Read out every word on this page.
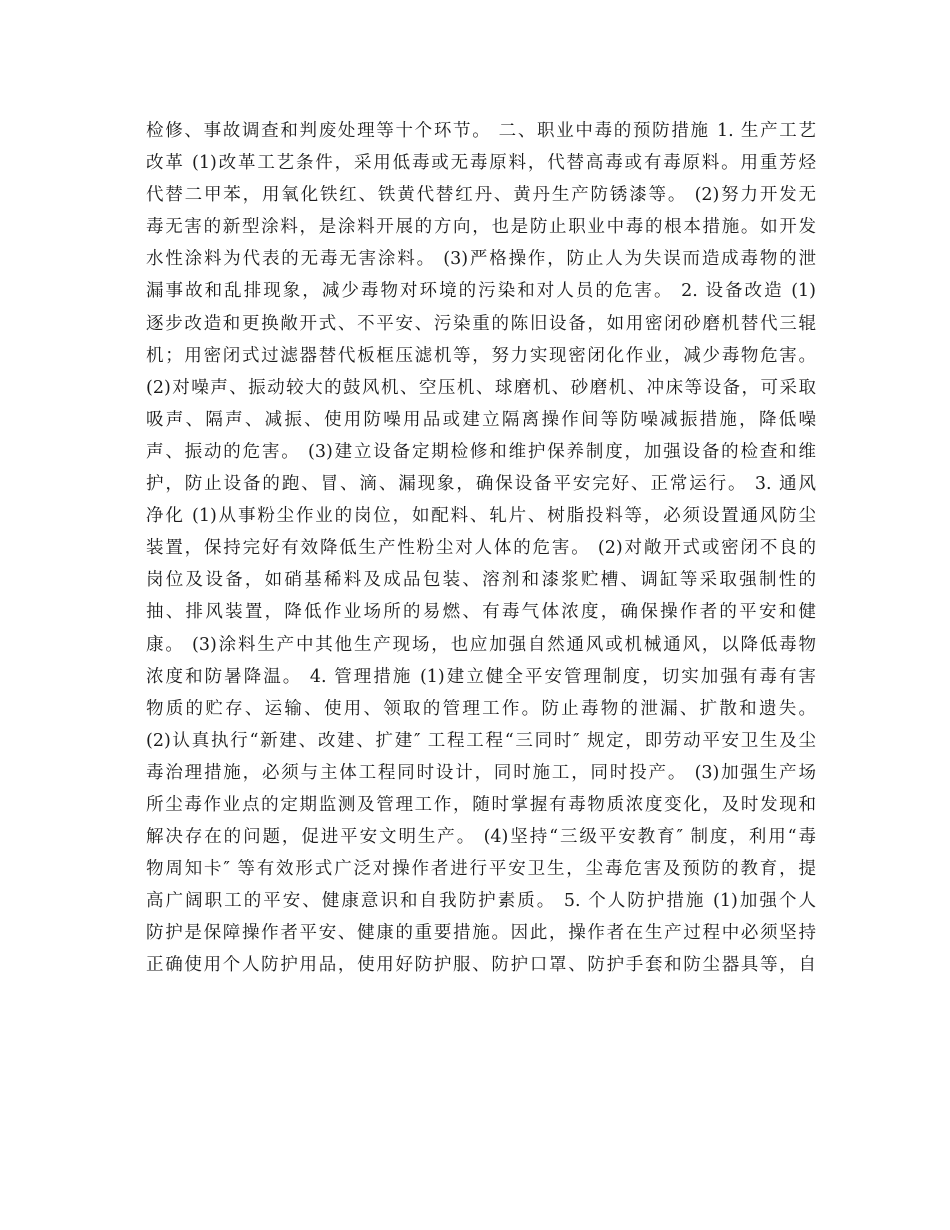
检修、事故调查和判废处理等十个环节。 二、职业中毒的预防措施 1. 生产工艺
改革 (1)改革工艺条件，采用低毒或无毒原料，代替高毒或有毒原料。用重芳烃
代替二甲苯，用氧化铁红、铁黄代替红丹、黄丹生产防锈漆等。 (2)努力开发无
毒无害的新型涂料，是涂料开展的方向，也是防止职业中毒的根本措施。如开发
水性涂料为代表的无毒无害涂料。 (3)严格操作，防止人为失误而造成毒物的泄
漏事故和乱排现象，减少毒物对环境的污染和对人员的危害。 2. 设备改造 (1)
逐步改造和更换敞开式、不平安、污染重的陈旧设备，如用密闭砂磨机替代三辊
机；用密闭式过滤器替代板框压滤机等，努力实现密闭化作业，减少毒物危害。
(2)对噪声、振动较大的鼓风机、空压机、球磨机、砂磨机、冲床等设备，可采取
吸声、隔声、减振、使用防噪用品或建立隔离操作间等防噪减振措施，降低噪
声、振动的危害。 (3)建立设备定期检修和维护保养制度，加强设备的检查和维
护，防止设备的跑、冒、滴、漏现象，确保设备平安完好、正常运行。 3. 通风
净化 (1)从事粉尘作业的岗位，如配料、轧片、树脂投料等，必须设置通风防尘
装置，保持完好有效降低生产性粉尘对人体的危害。 (2)对敞开式或密闭不良的
岗位及设备，如硝基稀料及成品包装、溶剂和漆浆贮槽、调缸等采取强制性的
抽、排风装置，降低作业场所的易燃、有毒气体浓度，确保操作者的平安和健
康。 (3)涂料生产中其他生产现场，也应加强自然通风或机械通风，以降低毒物
浓度和防暑降温。 4. 管理措施 (1)建立健全平安管理制度，切实加强有毒有害
物质的贮存、运输、使用、领取的管理工作。防止毒物的泄漏、扩散和遗失。
(2)认真执行“新建、改建、扩建″ 工程工程“三同时″ 规定，即劳动平安卫生及尘
毒治理措施，必须与主体工程同时设计，同时施工，同时投产。 (3)加强生产场
所尘毒作业点的定期监测及管理工作，随时掌握有毒物质浓度变化，及时发现和
解决存在的问题，促进平安文明生产。 (4)坚持“三级平安教育″ 制度，利用“毒
物周知卡″ 等有效形式广泛对操作者进行平安卫生，尘毒危害及预防的教育，提
高广阔职工的平安、健康意识和自我防护素质。 5. 个人防护措施 (1)加强个人
防护是保障操作者平安、健康的重要措施。因此，操作者在生产过程中必须坚持
正确使用个人防护用品，使用好防护服、防护口罩、防护手套和防尘器具等，自
